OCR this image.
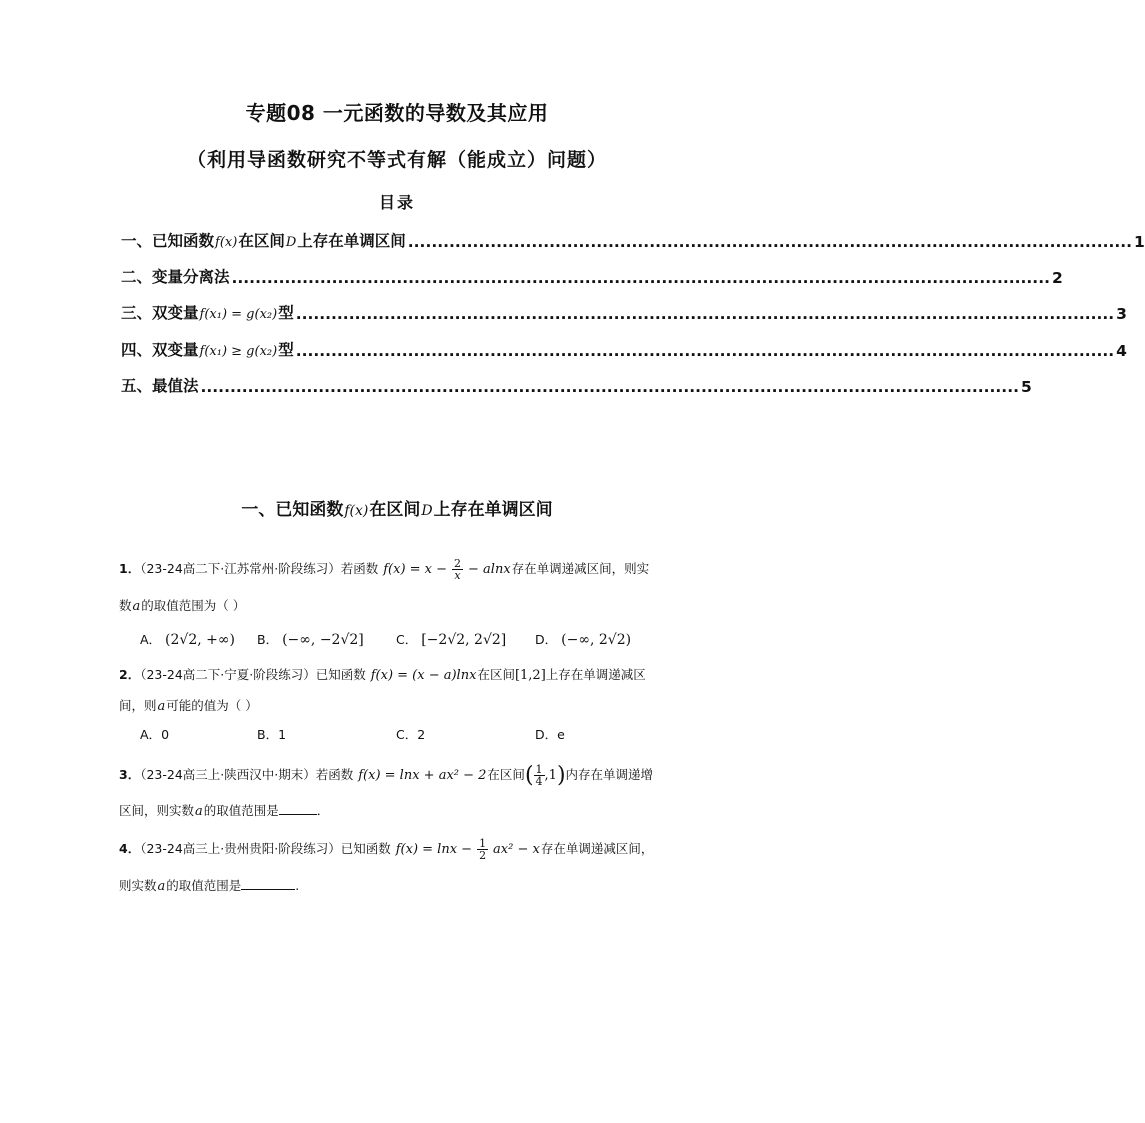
专题08 一元函数的导数及其应用
（利用导函数研究不等式有解（能成立）问题）
目录
一、已知函数f(x)在区间D上存在单调区间 ........................................................................................................................... 1
二、变量分离法 ........................................................................................................................................... 2
三、双变量f(x₁) = g(x₂)型 ........................................................................................................................................... 3
四、双变量f(x₁) ≥ g(x₂)型 ........................................................................................................................................... 4
五、最值法 ........................................................................................................................................... 5
一、已知函数f(x)在区间D上存在单调区间
1．（23-24高二下·江苏常州·阶段练习）若函数 $f(x) = x - \frac{2}{x} - alnx$存在单调递减区间，则实
数a的取值范围为（ ）
A． (2√2, +∞) B． (−∞, −2√2]	C． [−2√2, 2√2] D． (−∞, 2√2)
2．（23-24高二下·宁夏·阶段练习）已知函数 f(x) = (x − a)lnx在区间[1,2]上存在单调递减区
间，则a可能的值为（ ）
A．0	B．1	C．2	D．e
3．（23-24高三上·陕西汉中·期末）若函数 f(x) = lnx + ax² − 2在区间( $\frac{1}{4} ,1$)内存在单调递增
区间，则实数a的取值范围是	．
4．（23-24高三上·贵州贵阳·阶段练习）已知函数 $f(x) = \ln x - \frac{1}{2} ax^2 - x$存在单调递减区间，
则实数a的取值范围是	.
